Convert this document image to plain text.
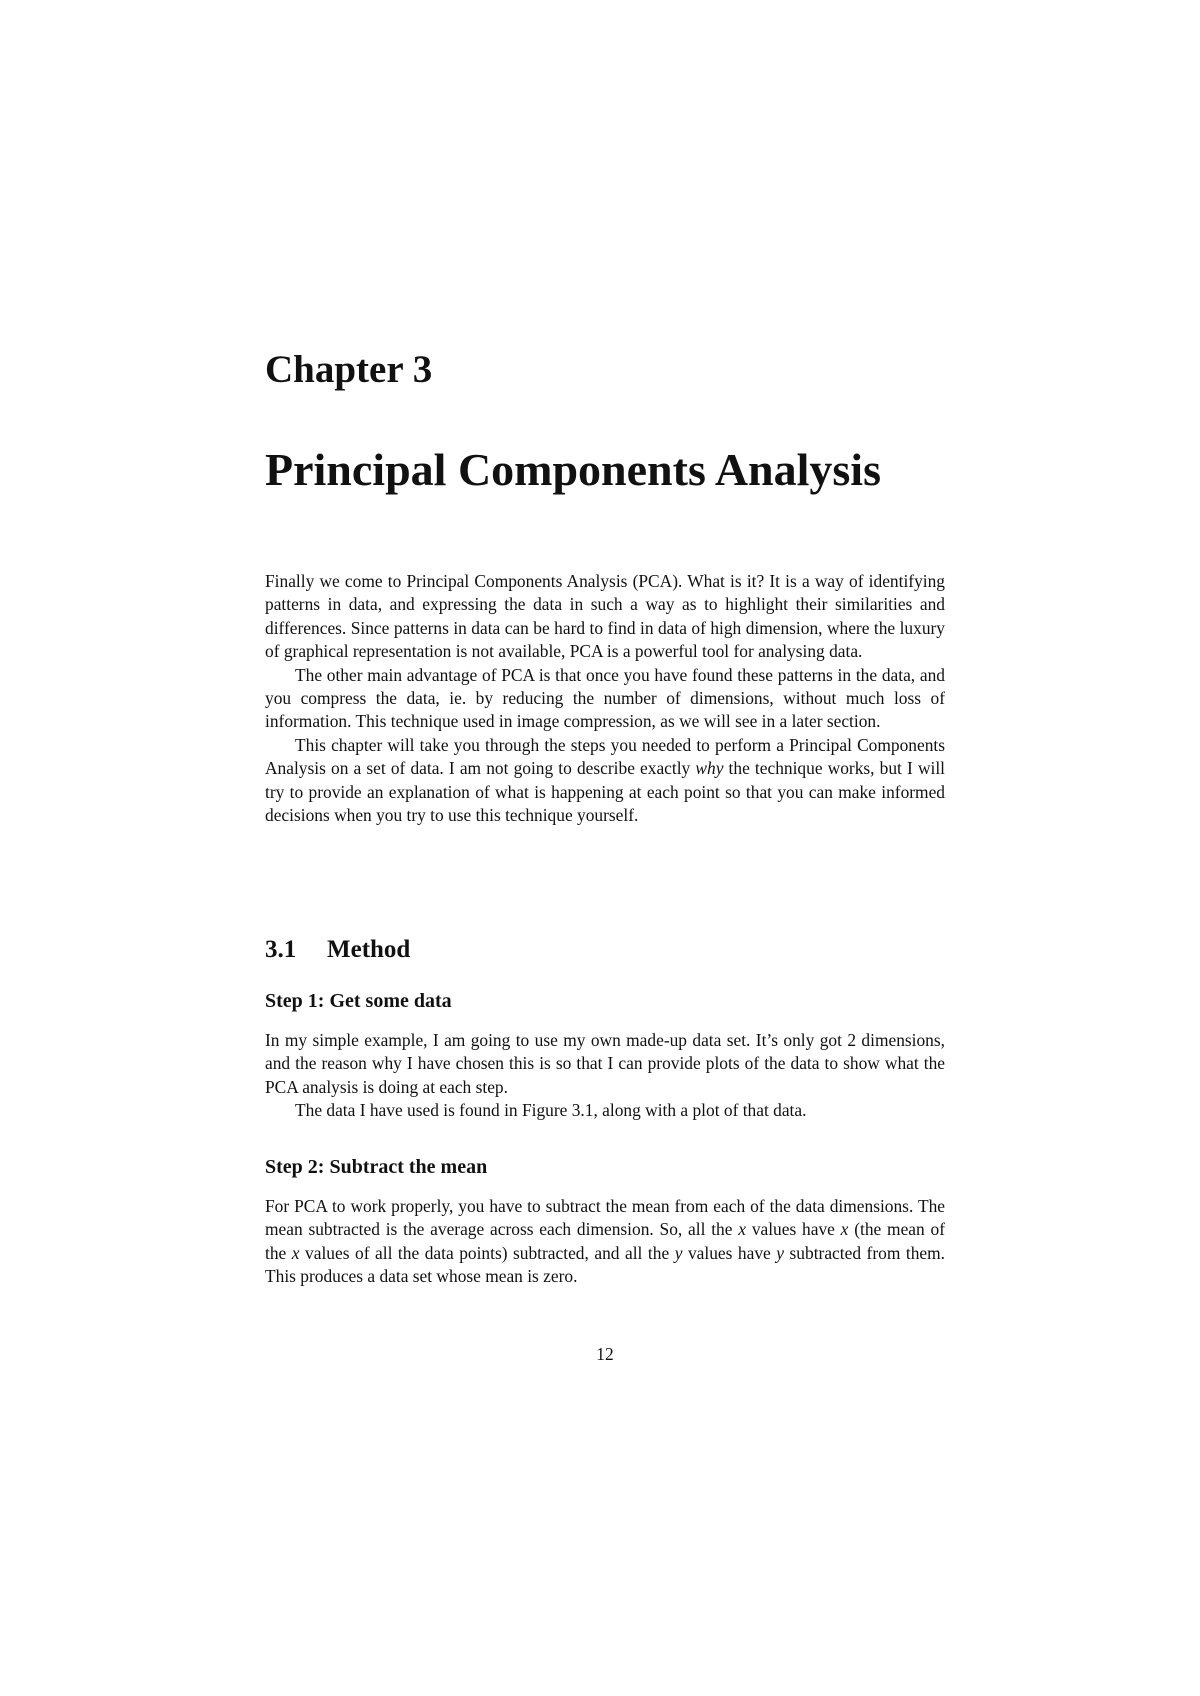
Chapter 3
Principal Components Analysis

Finally we come to Principal Components Analysis (PCA). What is it? It is a way of identifying patterns in data, and expressing the data in such a way as to highlight their similarities and differences. Since patterns in data can be hard to find in data of high dimension, where the luxury of graphical representation is not available, PCA is a powerful tool for analysing data.

The other main advantage of PCA is that once you have found these patterns in the data, and you compress the data, ie. by reducing the number of dimensions, without much loss of information. This technique used in image compression, as we will see in a later section.

This chapter will take you through the steps you needed to perform a Principal Components Analysis on a set of data. I am not going to describe exactly why the technique works, but I will try to provide an explanation of what is happening at each point so that you can make informed decisions when you try to use this technique yourself.

3.1 Method
Step 1: Get some data

In my simple example, I am going to use my own made-up data set. It’s only got 2 dimensions, and the reason why I have chosen this is so that I can provide plots of the data to show what the PCA analysis is doing at each step.

The data I have used is found in Figure 3.1, along with a plot of that data.

Step 2: Subtract the mean

For PCA to work properly, you have to subtract the mean from each of the data dimensions. The mean subtracted is the average across each dimension. So, all the x values have x (the mean of the x values of all the data points) subtracted, and all the y values have y subtracted from them. This produces a data set whose mean is zero.

12
